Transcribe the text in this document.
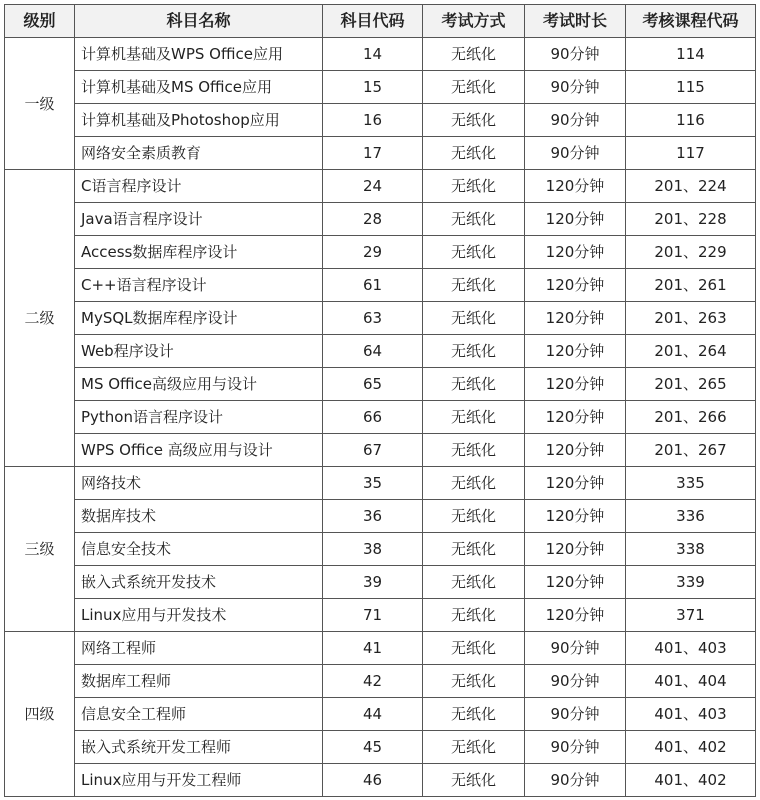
级别	科目名称	科目代码	考试方式	考试时长	考核课程代码
一级	计算机基础及WPS Office应用	14	无纸化	90分钟	114
	计算机基础及MS Office应用	15	无纸化	90分钟	115
	计算机基础及Photoshop应用	16	无纸化	90分钟	116
	网络安全素质教育	17	无纸化	90分钟	117
二级	C语言程序设计	24	无纸化	120分钟	201、224
	Java语言程序设计	28	无纸化	120分钟	201、228
	Access数据库程序设计	29	无纸化	120分钟	201、229
	C++语言程序设计	61	无纸化	120分钟	201、261
	MySQL数据库程序设计	63	无纸化	120分钟	201、263
	Web程序设计	64	无纸化	120分钟	201、264
	MS Office高级应用与设计	65	无纸化	120分钟	201、265
	Python语言程序设计	66	无纸化	120分钟	201、266
	WPS Office 高级应用与设计	67	无纸化	120分钟	201、267
三级	网络技术	35	无纸化	120分钟	335
	数据库技术	36	无纸化	120分钟	336
	信息安全技术	38	无纸化	120分钟	338
	嵌入式系统开发技术	39	无纸化	120分钟	339
	Linux应用与开发技术	71	无纸化	120分钟	371
四级	网络工程师	41	无纸化	90分钟	401、403
	数据库工程师	42	无纸化	90分钟	401、404
	信息安全工程师	44	无纸化	90分钟	401、403
	嵌入式系统开发工程师	45	无纸化	90分钟	401、402
	Linux应用与开发工程师	46	无纸化	90分钟	401、402
